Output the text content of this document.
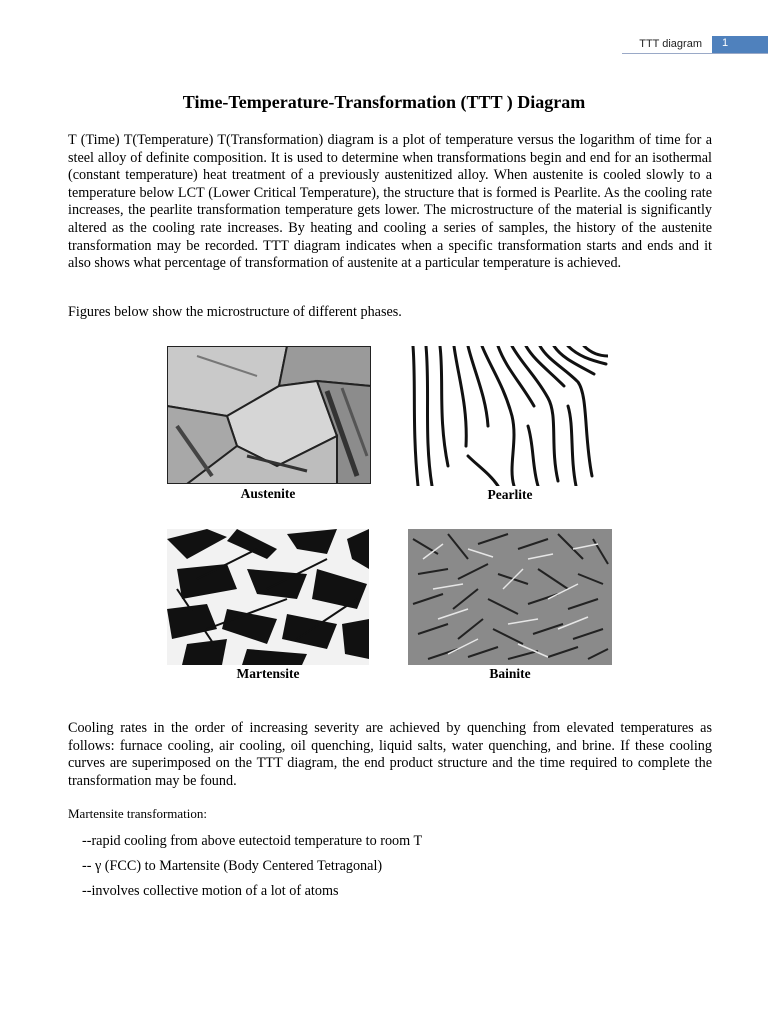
TTT diagram 1
Time-Temperature-Transformation (TTT ) Diagram

T (Time) T(Temperature) T(Transformation) diagram is a plot of temperature versus the logarithm of time for a steel alloy of definite composition. It is used to determine when transformations begin and end for an isothermal (constant temperature) heat treatment of a previously austenitized alloy. When austenite is cooled slowly to a temperature below LCT (Lower Critical Temperature), the structure that is formed is Pearlite. As the cooling rate increases, the pearlite transformation temperature gets lower. The microstructure of the material is significantly altered as the cooling rate increases. By heating and cooling a series of samples, the history of the austenite transformation may be recorded. TTT diagram indicates when a specific transformation starts and ends and it also shows what percentage of transformation of austenite at a particular temperature is achieved.

Figures below show the microstructure of different phases.

Austenite	Pearlite
Martensite	Bainite

Cooling rates in the order of increasing severity are achieved by quenching from elevated temperatures as follows: furnace cooling, air cooling, oil quenching, liquid salts, water quenching, and brine. If these cooling curves are superimposed on the TTT diagram, the end product structure and the time required to complete the transformation may be found.

Martensite transformation:
--rapid cooling from above eutectoid temperature to room T
-- γ (FCC) to Martensite (Body Centered Tetragonal)
--involves collective motion of a lot of atoms
